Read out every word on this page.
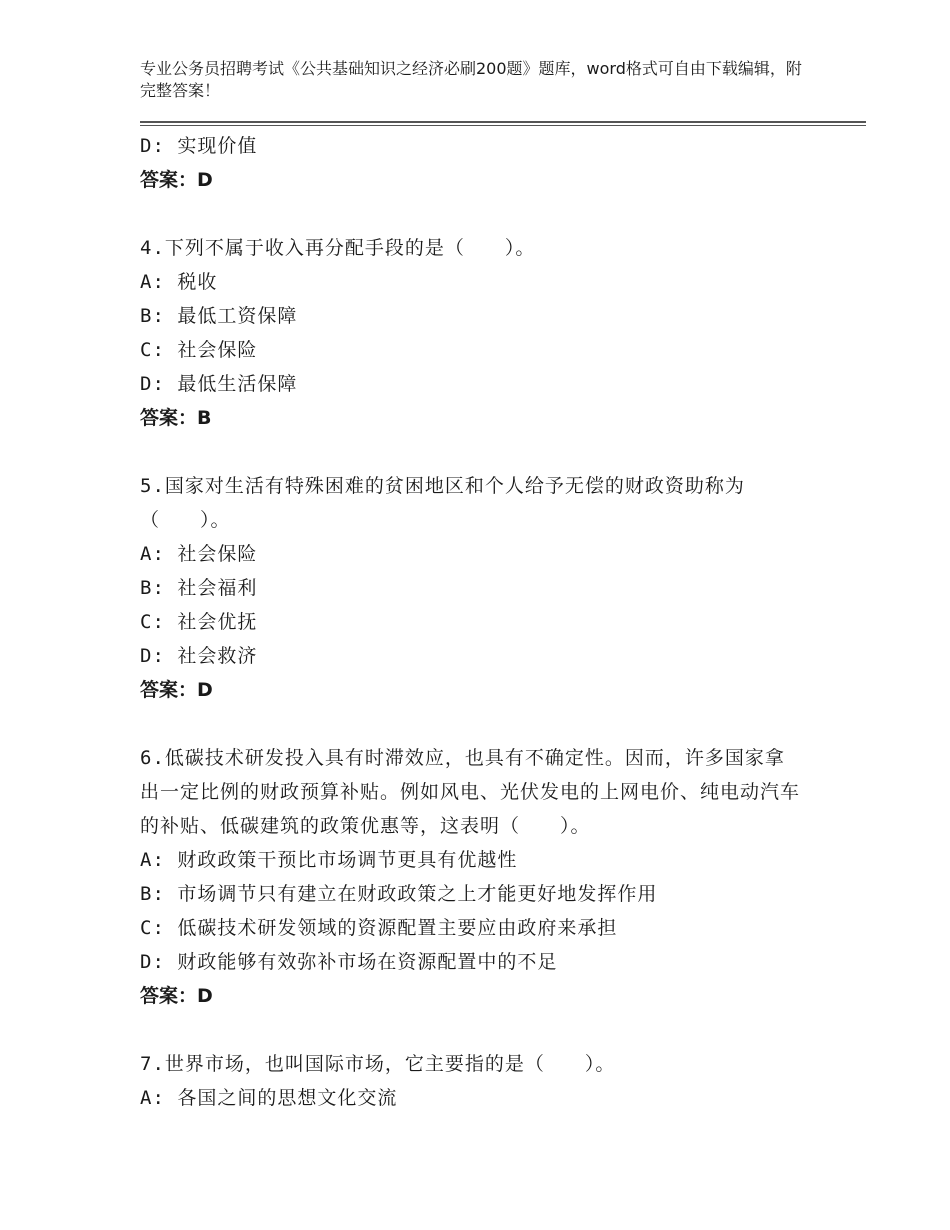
专业公务员招聘考试《公共基础知识之经济必刷200题》题库，word格式可自由下载编辑，附完整答案！
D: 实现价值
答案：D
4.下列不属于收入再分配手段的是（　　）。
A: 税收
B: 最低工资保障
C: 社会保险
D: 最低生活保障
答案：B
5.国家对生活有特殊困难的贫困地区和个人给予无偿的财政资助称为（　　）。
A: 社会保险
B: 社会福利
C: 社会优抚
D: 社会救济
答案：D
6.低碳技术研发投入具有时滞效应，也具有不确定性。因而，许多国家拿出一定比例的财政预算补贴。例如风电、光伏发电的上网电价、纯电动汽车的补贴、低碳建筑的政策优惠等，这表明（　　）。
A: 财政政策干预比市场调节更具有优越性
B: 市场调节只有建立在财政政策之上才能更好地发挥作用
C: 低碳技术研发领域的资源配置主要应由政府来承担
D: 财政能够有效弥补市场在资源配置中的不足
答案：D
7.世界市场，也叫国际市场，它主要指的是（　　）。
A: 各国之间的思想文化交流
